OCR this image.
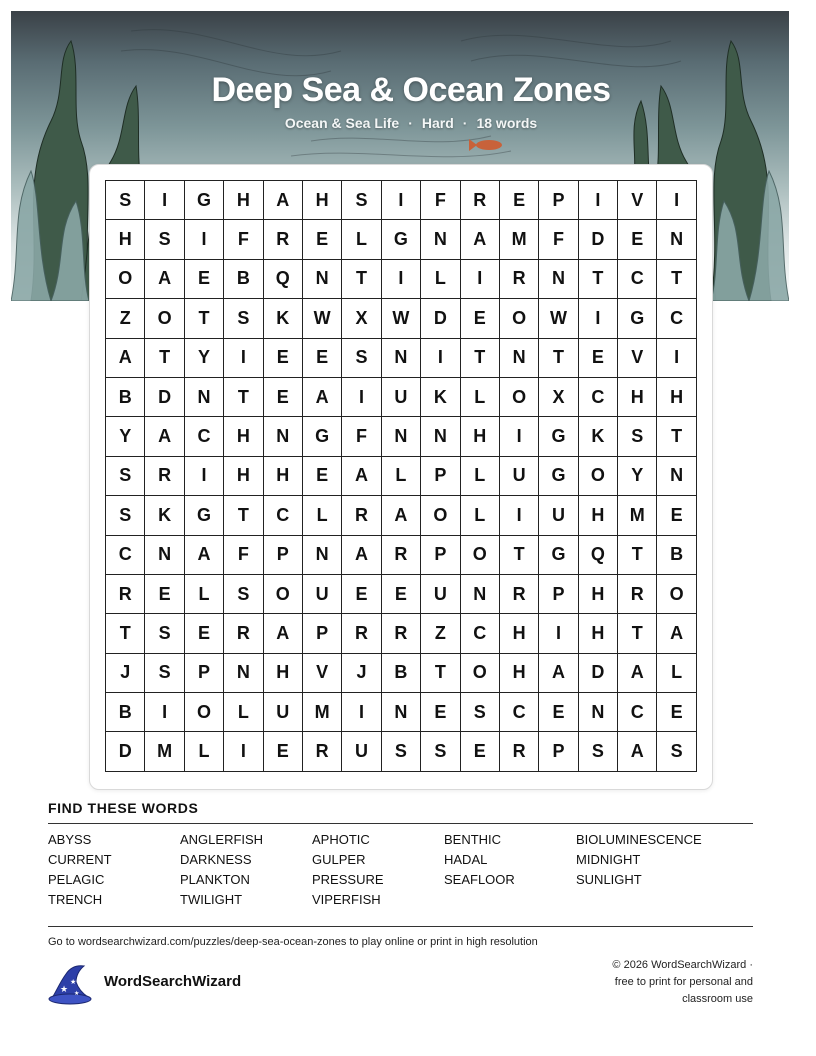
Deep Sea & Ocean Zones
Ocean & Sea Life · Hard · 18 words
S	I	G	H	A	H	S	I	F	R	E	P	I	V	I
H	S	I	F	R	E	L	G	N	A	M	F	D	E	N
O	A	E	B	Q	N	T	I	L	I	R	N	T	C	T
Z	O	T	S	K	W	X	W	D	E	O	W	I	G	C
A	T	Y	I	E	E	S	N	I	T	N	T	E	V	I
B	D	N	T	E	A	I	U	K	L	O	X	C	H	H
Y	A	C	H	N	G	F	N	N	H	I	G	K	S	T
S	R	I	H	H	E	A	L	P	L	U	G	O	Y	N
S	K	G	T	C	L	R	A	O	L	I	U	H	M	E
C	N	A	F	P	N	A	R	P	O	T	G	Q	T	B
R	E	L	S	O	U	E	E	U	N	R	P	H	R	O
T	S	E	R	A	P	R	R	Z	C	H	I	H	T	A
J	S	P	N	H	V	J	B	T	O	H	A	D	A	L
B	I	O	L	U	M	I	N	E	S	C	E	N	C	E
D	M	L	I	E	R	U	S	S	E	R	P	S	A	S
FIND THESE WORDS
ABYSS	ANGLERFISH	APHOTIC	BENTHIC	BIOLUMINESCENCE
CURRENT	DARKNESS	GULPER	HADAL	MIDNIGHT
PELAGIC	PLANKTON	PRESSURE	SEAFLOOR	SUNLIGHT
TRENCH	TWILIGHT	VIPERFISH
Go to wordsearchwizard.com/puzzles/deep-sea-ocean-zones to play online or print in high resolution
★
★
★
WordSearchWizard
© 2026 WordSearchWizard ·
free to print for personal and
classroom use
